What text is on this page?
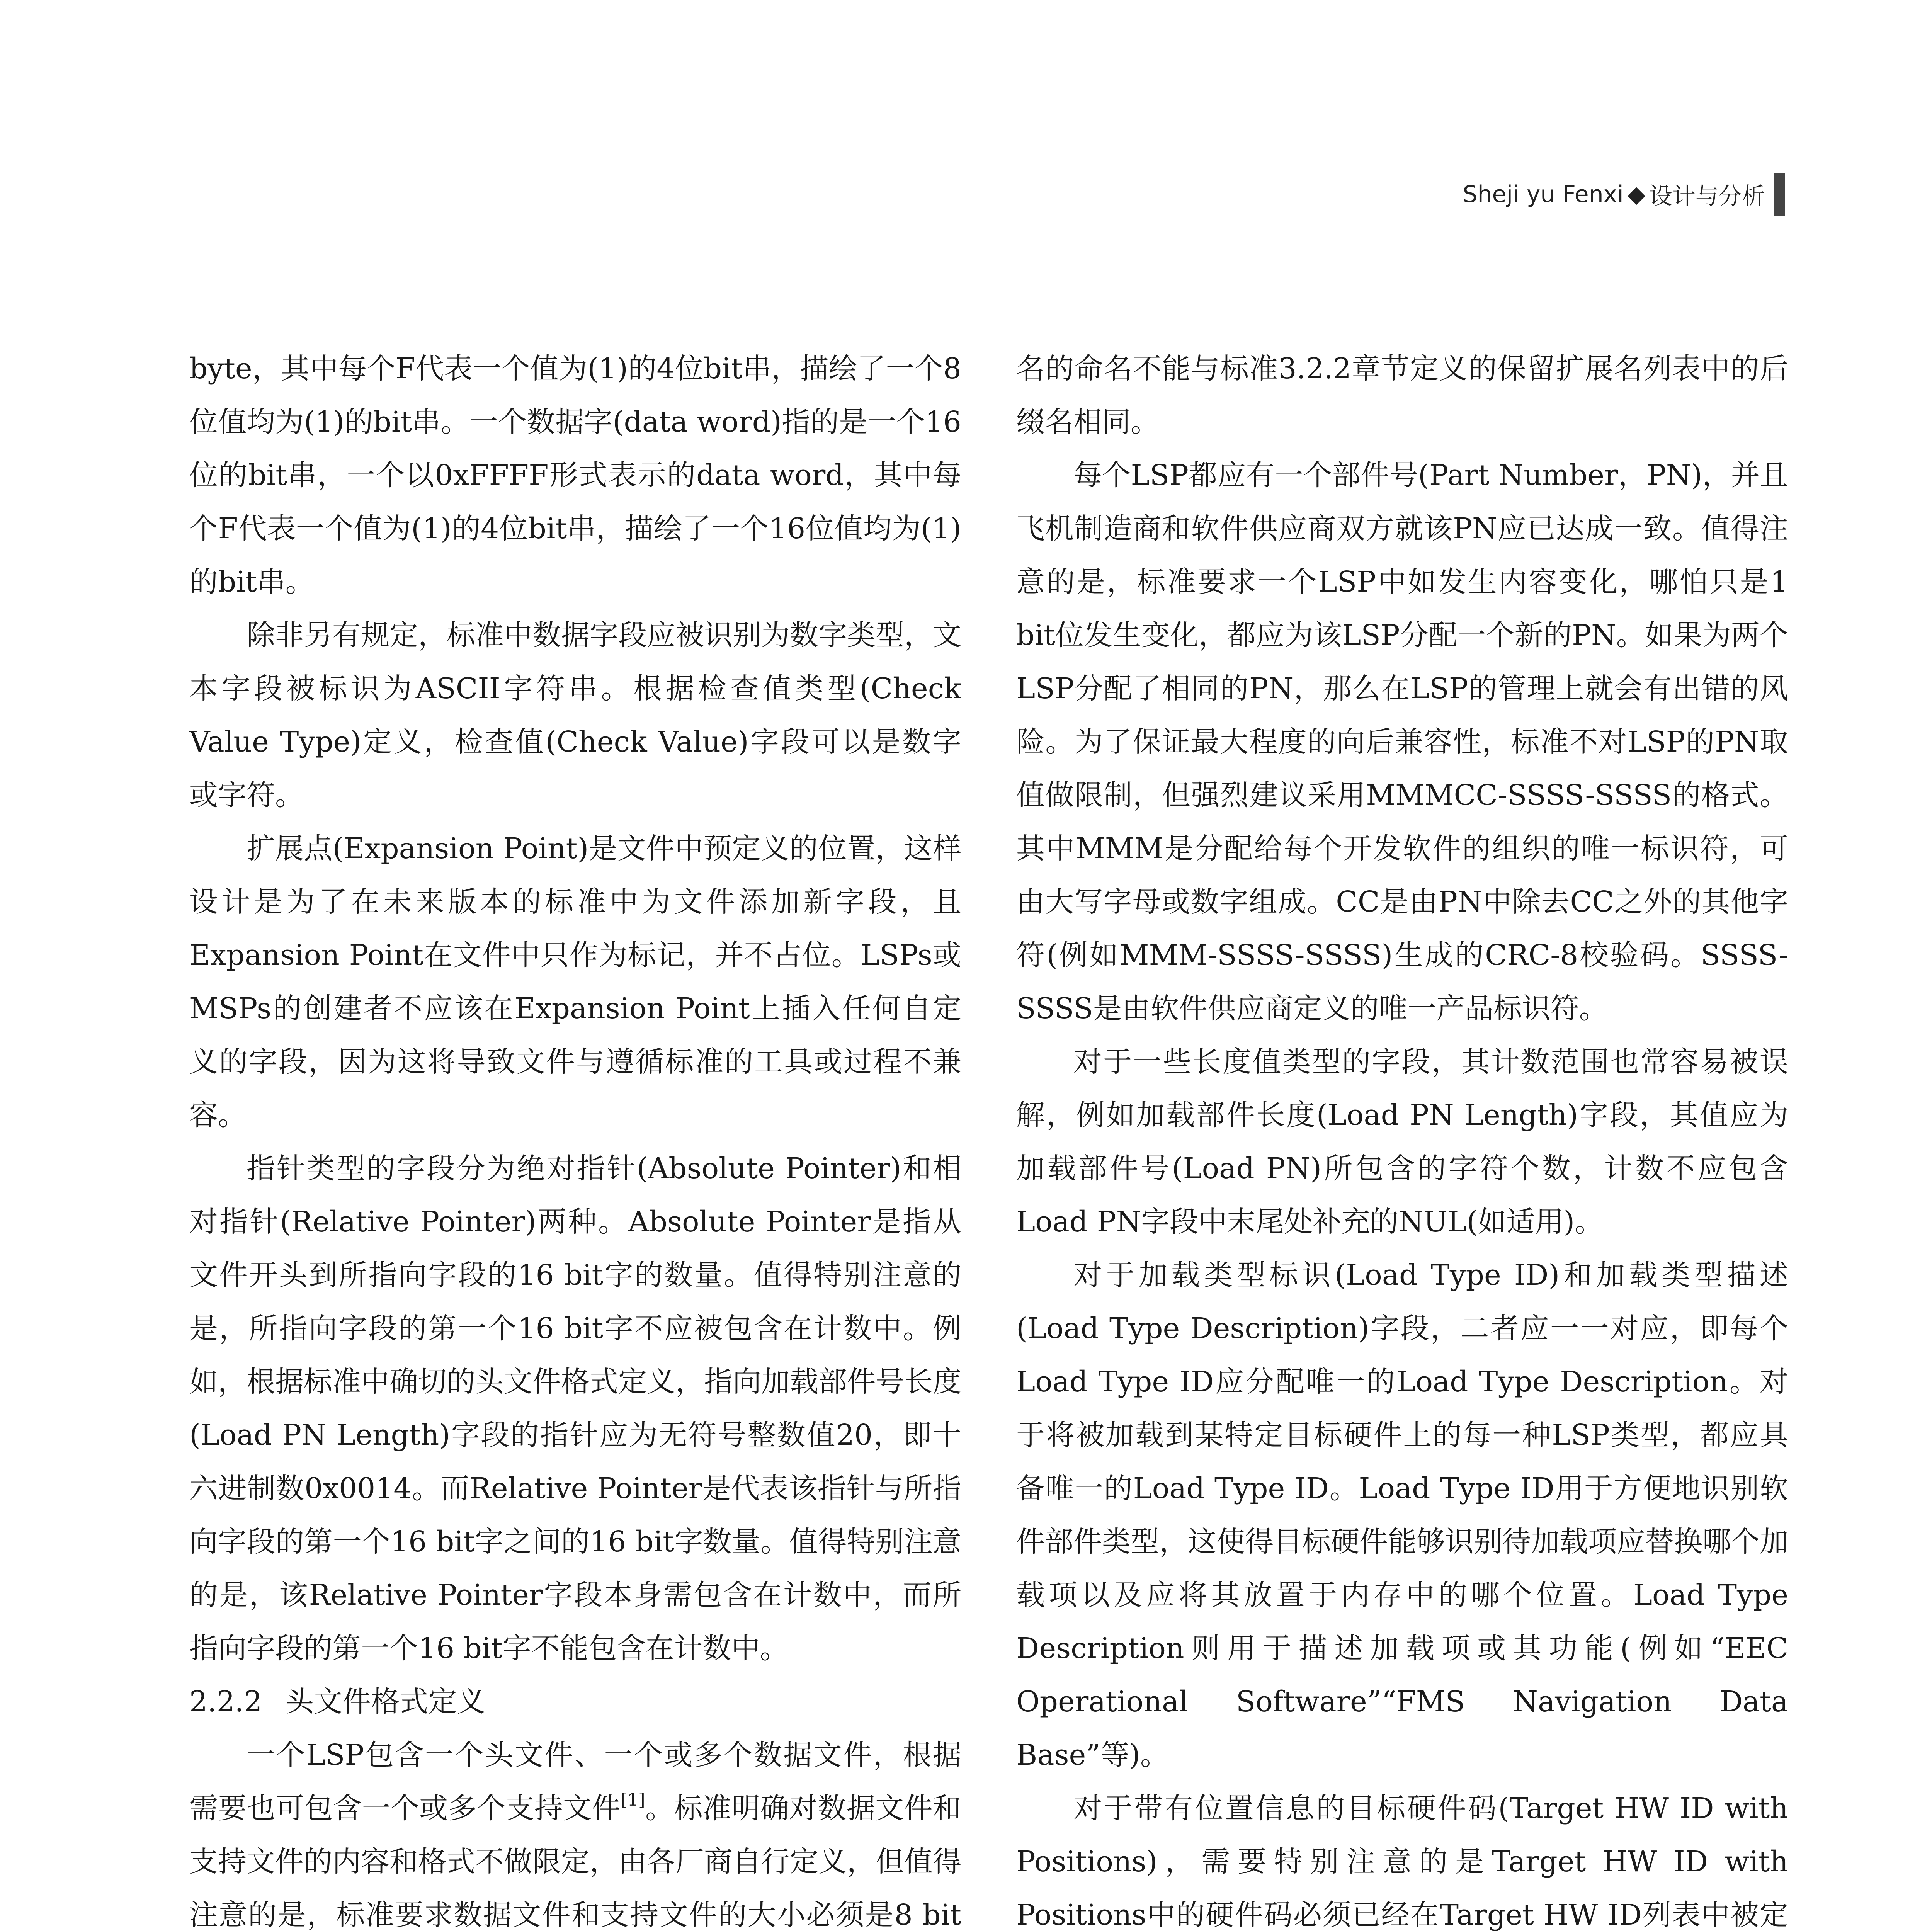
Sheji yu Fenxi ◆ 设计与分析

byte，其中每个F代表一个值为(1)的4位bit串，描绘了一个8位值均为(1)的bit串。一个数据字(data word)指的是一个16位的bit串，一个以0xFFFF形式表示的data word，其中每个F代表一个值为(1)的4位bit串，描绘了一个16位值均为(1)的bit串。

除非另有规定，标准中数据字段应被识别为数字类型，文本字段被标识为ASCII字符串。根据检查值类型(Check Value Type)定义，检查值(Check Value)字段可以是数字或字符。

扩展点(Expansion Point)是文件中预定义的位置，这样设计是为了在未来版本的标准中为文件添加新字段，且Expansion Point在文件中只作为标记，并不占位。LSPs或MSPs的创建者不应该在Expansion Point上插入任何自定义的字段，因为这将导致文件与遵循标准的工具或过程不兼容。

指针类型的字段分为绝对指针(Absolute Pointer)和相对指针(Relative Pointer)两种。Absolute Pointer是指从文件开头到所指向字段的16 bit字的数量。值得特别注意的是，所指向字段的第一个16 bit字不应被包含在计数中。例如，根据标准中确切的头文件格式定义，指向加载部件号长度(Load PN Length)字段的指针应为无符号整数值20，即十六进制数0x0014。而Relative Pointer是代表该指针与所指向字段的第一个16 bit字之间的16 bit字数量。值得特别注意的是，该Relative Pointer字段本身需包含在计数中，而所指向字段的第一个16 bit字不能包含在计数中。

2.2.2 头文件格式定义

一个LSP包含一个头文件、一个或多个数据文件，根据需要也可包含一个或多个支持文件[1]。标准明确对数据文件和支持文件的内容和格式不做限定，由各厂商自行定义，但值得注意的是，标准要求数据文件和支持文件的大小必须是8 bit

名的命名不能与标准3.2.2章节定义的保留扩展名列表中的后缀名相同。

每个LSP都应有一个部件号(Part Number，PN)，并且飞机制造商和软件供应商双方就该PN应已达成一致。值得注意的是，标准要求一个LSP中如发生内容变化，哪怕只是1 bit位发生变化，都应为该LSP分配一个新的PN。如果为两个LSP分配了相同的PN，那么在LSP的管理上就会有出错的风险。为了保证最大程度的向后兼容性，标准不对LSP的PN取值做限制，但强烈建议采用MMMCC-SSSS-SSSS的格式。其中MMM是分配给每个开发软件的组织的唯一标识符，可由大写字母或数字组成。CC是由PN中除去CC之外的其他字符(例如MMM-SSSS-SSSS)生成的CRC-8校验码。SSSS-SSSS是由软件供应商定义的唯一产品标识符。

对于一些长度值类型的字段，其计数范围也常容易被误解，例如加载部件长度(Load PN Length)字段，其值应为加载部件号(Load PN)所包含的字符个数，计数不应包含Load PN字段中末尾处补充的NUL(如适用)。

对于加载类型标识(Load Type ID)和加载类型描述(Load Type Description)字段，二者应一一对应，即每个Load Type ID应分配唯一的Load Type Description。对于将被加载到某特定目标硬件上的每一种LSP类型，都应具备唯一的Load Type ID。Load Type ID用于方便地识别软件部件类型，这使得目标硬件能够识别待加载项应替换哪个加载项以及应将其放置于内存中的哪个位置。Load Type Description则用于描述加载项或其功能(例如“EEC Operational Software”“FMS Navigation Data Base”等)。

对于带有位置信息的目标硬件码(Target HW ID with Positions)，需要特别注意的是Target HW ID with Positions中的硬件码必须已经在Target HW ID列表中被定
